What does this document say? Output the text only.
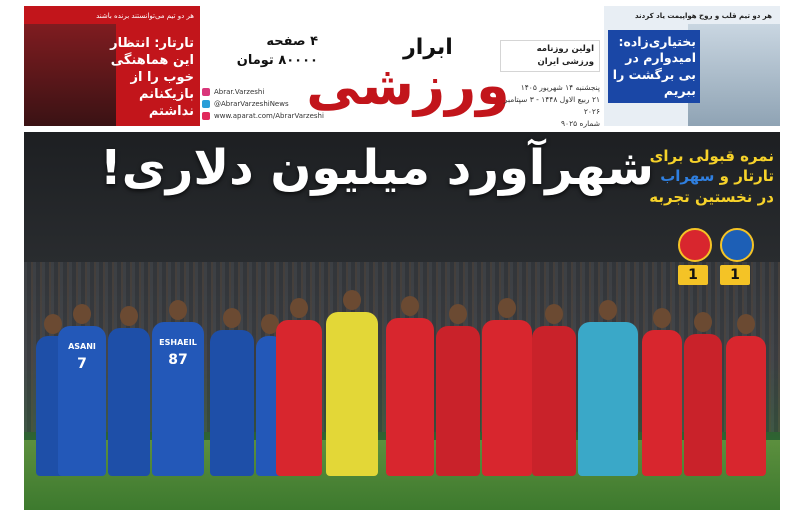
هر دو تیم می‌توانستند برنده باشند
تارتار: انتظار این هماهنگی خوب را از بازیکنانم نداشتم
۴ صفحه
۸۰۰۰۰ تومان
Abrar.Varzeshi
@AbrarVarzeshiNews
www.aparat.com/AbrarVarzeshi
ابرار
ورزشی
اولین روزنامه ورزشی ایران
پنجشنبه ۱۴ شهریور ۱۴۰۵
۲۱ ربیع الاول ۱۴۴۸ - ۳ سپتامبر ۲۰۲۶
شماره ۹۰۲۵
هر دو تیم قلب و روح هواپیمت یاد کردند
بختیاری‌زاده: امیدوارم در بی برگشت را ببریم
شهرآورد میلیون دلاری!
نمره قبولی برای
تارتار و سهراب
در نخستین تجربه
1	1
ASANI
7
ESHAEIL
87
